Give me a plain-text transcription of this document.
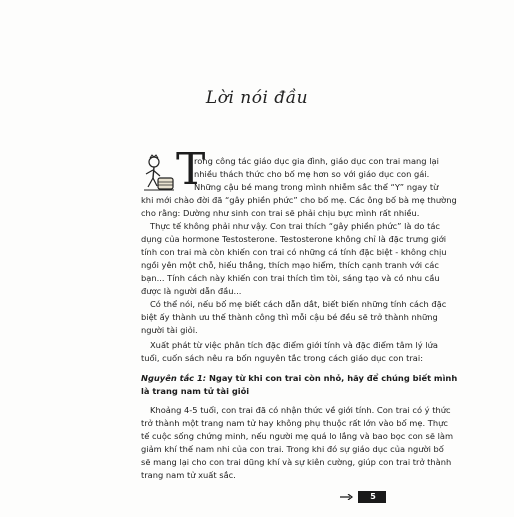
Lời nói đầu
T
rong công tác giáo dục gia đình, giáo dục con trai mang lại
nhiều thách thức cho bố mẹ hơn so với giáo dục con gái.
Những cậu bé mang trong mình nhiễm sắc thể “Y” ngay từ
khi mới chào đời đã “gây phiền phức” cho bố mẹ. Các ông bố bà mẹ thường
cho rằng: Dường như sinh con trai sẽ phải chịu bực mình rất nhiều.
Thực tế không phải như vậy. Con trai thích “gây phiền phức” là do tác
dụng của hormone Testosterone. Testosterone không chỉ là đặc trưng giới
tính con trai mà còn khiến con trai có những cá tính đặc biệt - không chịu
ngồi yên một chỗ, hiếu thắng, thích mạo hiểm, thích cạnh tranh với các
bạn... Tính cách này khiến con trai thích tìm tòi, sáng tạo và có nhu cầu
được là người dẫn đầu...
Có thể nói, nếu bố mẹ biết cách dẫn dắt, biết biến những tính cách đặc
biệt ấy thành ưu thế thành công thì mỗi cậu bé đều sẽ trở thành những
người tài giỏi.
Xuất phát từ việc phân tích đặc điểm giới tính và đặc điểm tâm lý lứa
tuổi, cuốn sách nêu ra bốn nguyên tắc trong cách giáo dục con trai:
Nguyên tắc 1: Ngay từ khi con trai còn nhỏ, hãy để chúng biết mình
là trang nam tử tài giỏi
Khoảng 4-5 tuổi, con trai đã có nhận thức về giới tính. Con trai có ý thức
trở thành một trang nam tử hay không phụ thuộc rất lớn vào bố mẹ. Thực
tế cuộc sống chứng minh, nếu người mẹ quá lo lắng và bao bọc con sẽ làm
giảm khí thế nam nhi của con trai. Trong khi đó sự giáo dục của người bố
sẽ mang lại cho con trai dũng khí và sự kiên cường, giúp con trai trở thành
trang nam tử xuất sắc.
5
